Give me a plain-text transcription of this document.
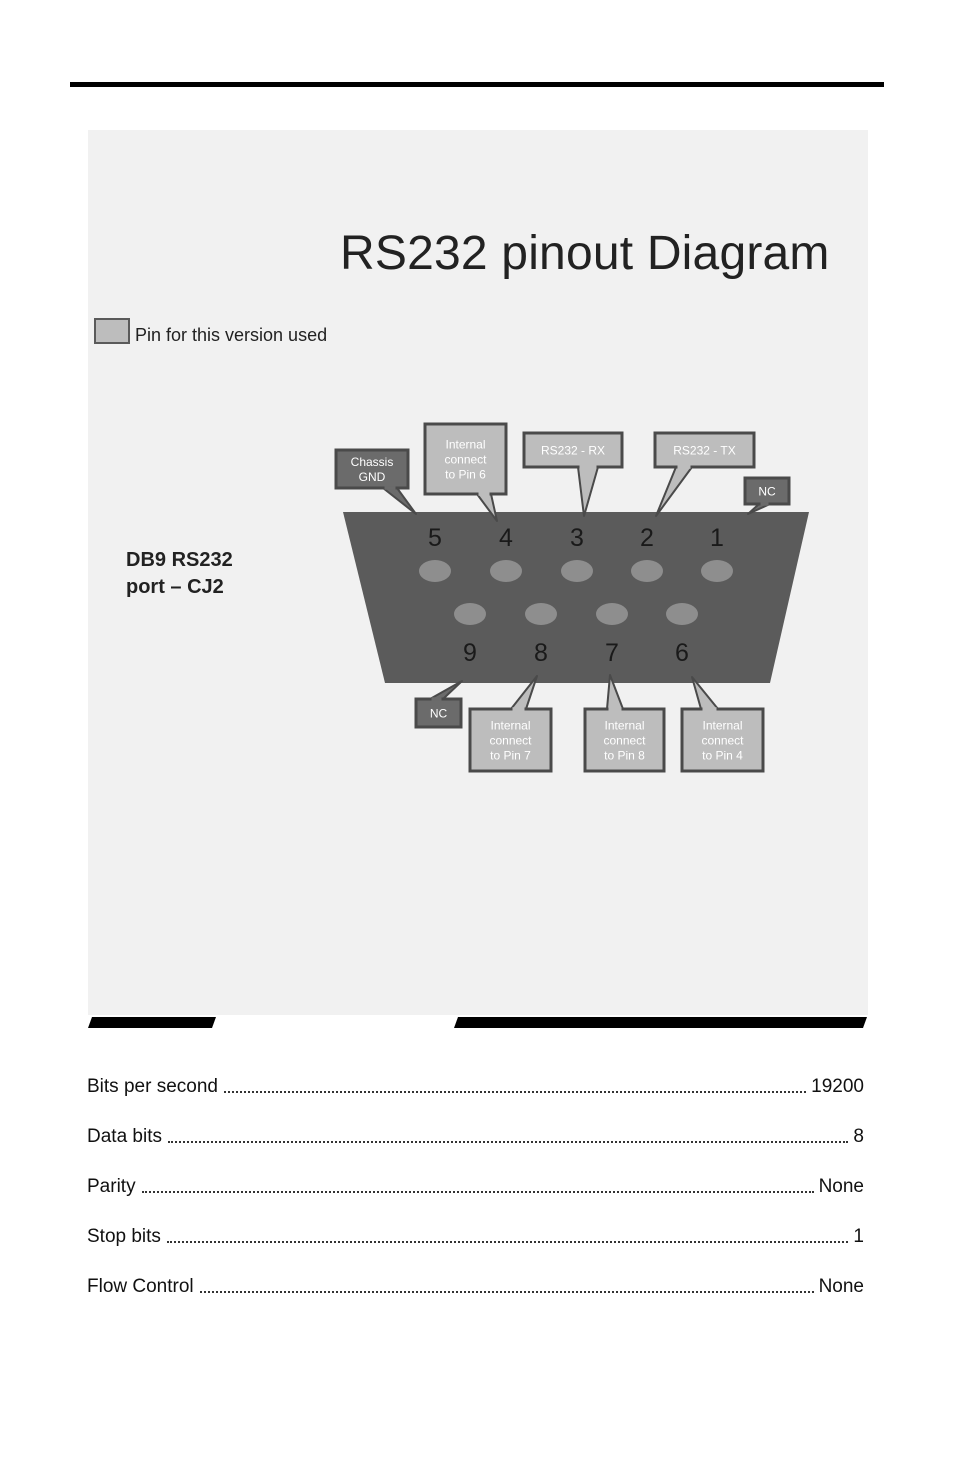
RS232 pinout Diagram
Pin for this version used
DB9 RS232
port – CJ2
5 4 3 2 1
9 8 7 6
Chassis
GND
Internal
connect
to Pin 6
RS232 - RX	RS232 - TX
NC
NC
Internal
connect
to Pin 7
Internal
connect
to Pin 8
Internal
connect
to Pin 4
Bits per second	19200
Data bits	8
Parity	None
Stop bits	1
Flow Control	None
